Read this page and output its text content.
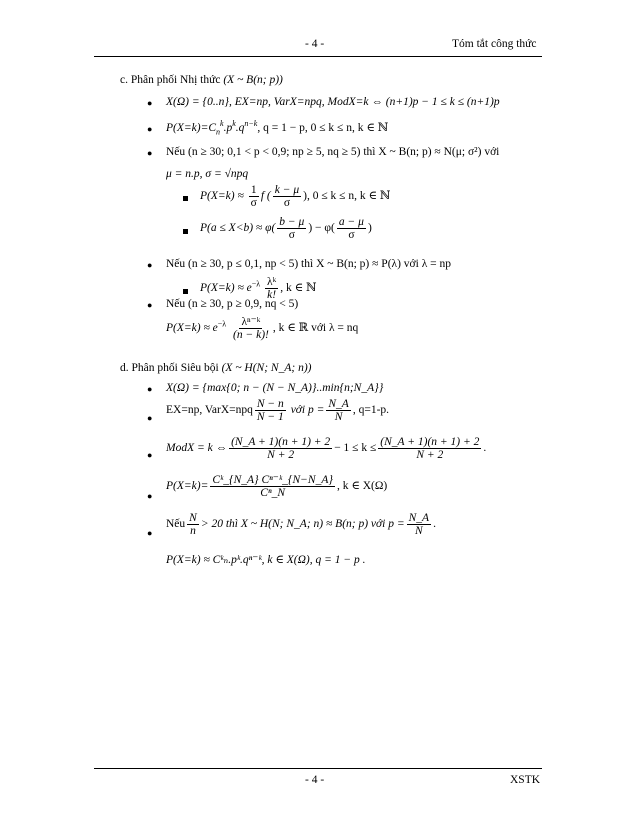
- 4 -	Tóm tắt công thức
c. Phân phối Nhị thức (X ~ B(n; p))
● X(Ω) = {0..n}, EX=np, VarX=npq, ModX=k ⇔ (n+1)p − 1 ≤ k ≤ (n+1)p
● $P(X=k)=C_n^k.p^k.q^{n-k}$, q = 1 − p, 0 ≤ k ≤ n, k ∈ ℕ
● Nếu (n ≥ 30; 0,1 < p < 0,9; np ≥ 5, nq ≥ 5) thì X ~ B(n; p) ≈ N(μ; σ²) với
μ = n.p, σ = √npq
$P(X=k) \approx \frac{1}{\sigma}$ f ( $\frac{k - \mu}{\sigma}$ ), 0 ≤ k ≤ n, k ∈ ℕ
$P(a \le X<b) \approx \varphi( \frac{b - \mu}{\sigma}$ ) − $\varphi( \frac{a - \mu}{\sigma}$ )
● Nếu (n ≥ 30, p ≤ 0,1, np < 5) thì X ~ B(n; p) ≈ P(λ) với λ = np
$P(X=k) \approx e^{-\lambda} \frac{\text{λᵏ}}{k!}$ , k ∈ ℕ
● Nếu (n ≥ 30, p ≥ 0,9, nq < 5)
$P(X=k) \approx e^{-\lambda} \frac{\text{λⁿ⁻ᵏ}}{(n - k)!}$ , k ∈ ℝ với λ = nq
d. Phân phối Siêu bội (X ~ H(N; N_A; n))
● X(Ω) = {max{0; n − (N − N_A)}..min{n;N_A}}
●
EX=np, VarX=npq $\frac{N - n}{N - 1}$ với $p = \frac{N\_A}{N}$ , q=1-p.
●
ModX = k ⇔ $\frac{(N\_A + 1)(n + 1) + 2}{N + 2} - 1 \le k \le \frac{(N\_A + 1)(n + 1) + 2}{N + 2}$ .
●
$P(X=k)= \frac{\text{Cᵏ\_\{N\_A\} Cⁿ⁻ᵏ\_\{N−N\_A\}}}{\text{Cⁿ\_N}}$ , k ∈ X(Ω)
●
Nếu $\frac{N}{n} > 20$ thì X ~ H(N; N_A; n) ≈ B(n; p) với $p = \frac{N\_A}{N}$ .
P(X=k) ≈ Cᵏₙ.pᵏ.qⁿ⁻ᵏ, k ∈ X(Ω), q = 1 − p .
- 4 -	XSTK
